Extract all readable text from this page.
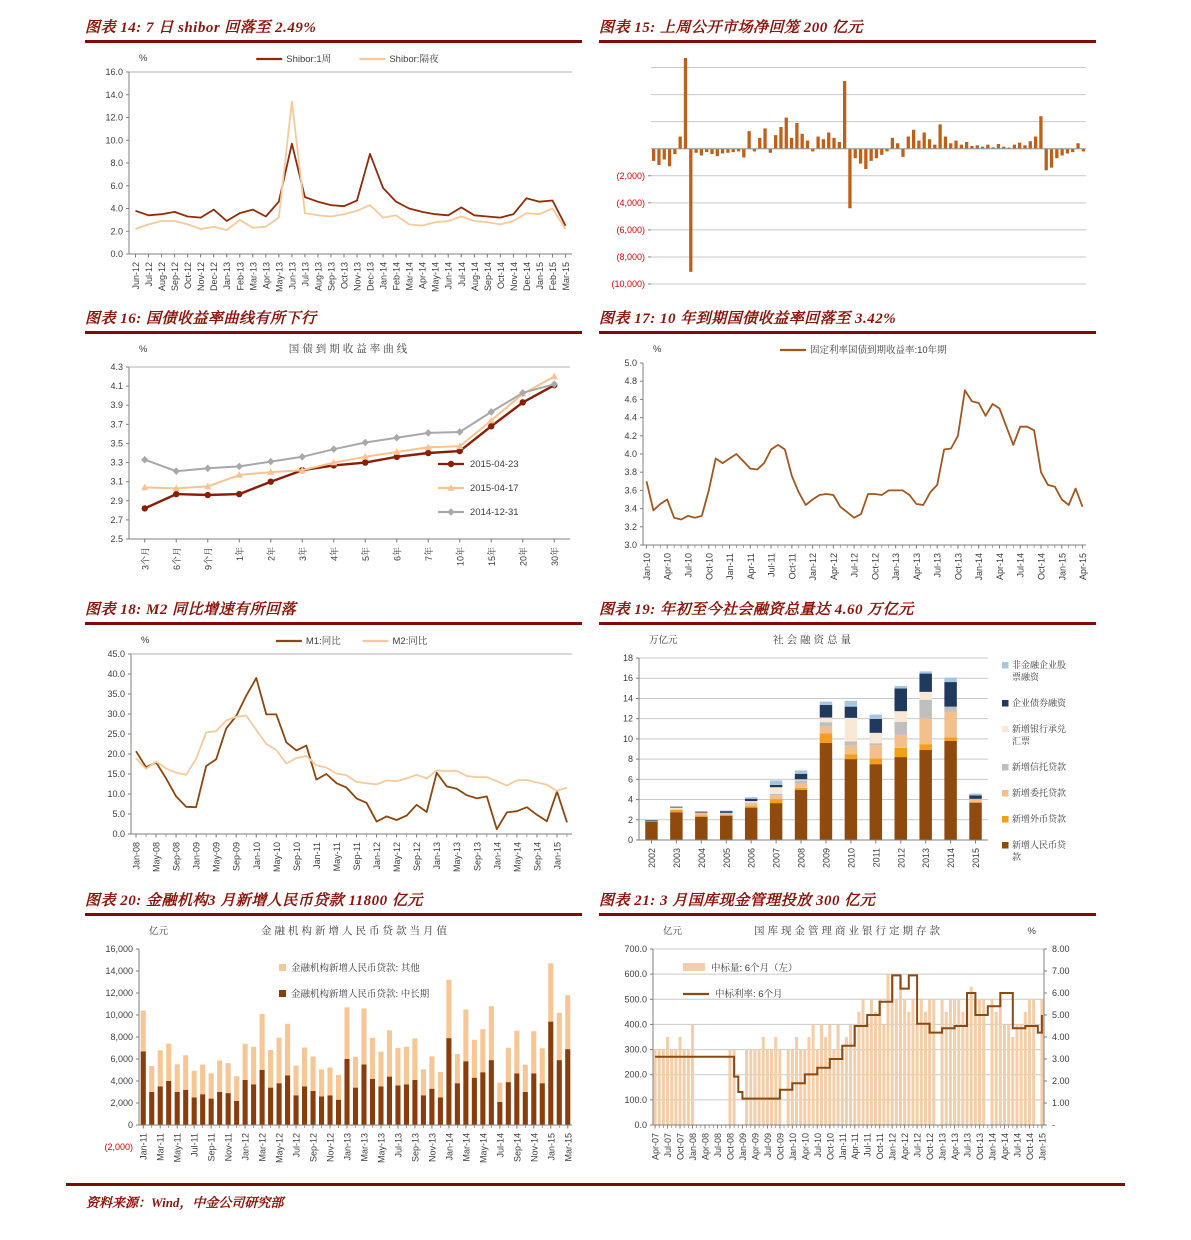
图表 14: 7 日 shibor 回落至 2.49%
0.0
2.0
4.0
6.0
8.0
10.0
12.0
14.0
16.0
Jun-12 Jul-12 Aug-12 Sep-12 Oct-12 Nov-12 Dec-12 Jan-13 Feb-13 Mar-13 Apr-13 May-13 Jun-13 Jul-13 Aug-13 Sep-13 Oct-13 Nov-13 Dec-13 Jan-14 Feb-14 Mar-14 Apr-14 May-14 Jun-14 Jul-14 Aug-14 Sep-14 Oct-14 Nov-14 Dec-14 Jan-15 Feb-15 Mar-15
%	Shibor:1周	Shibor:隔夜
图表 15: 上周公开市场净回笼 200 亿元
(10,000)
(8,000)
(6,000)
(4,000)
(2,000)
图表 16: 国债收益率曲线有所下行
2.5
2.7
2.9
3.1
3.3
3.5
3.7
3.9
4.1
4.3
3个月 6个月 9个月 1年 2年 3年 4年 5年 6年 7年 10年 15年 20年 30年
国债到期收益率曲线
%
2015-04-23
2015-04-17
2014-12-31
图表 17: 10 年到期国债收益率回落至 3.42%
3.0
3.2
3.4
3.6
3.8
4.0
4.2
4.4
4.6
4.8
5.0
Jan-10 Apr-10 Jul-10 Oct-10 Jan-11 Apr-11 Jul-11 Oct-11 Jan-12 Apr-12 Jul-12 Oct-12 Jan-13 Apr-13 Jul-13 Oct-13 Jan-14 Apr-14 Jul-14 Oct-14 Jan-15 Apr-15
%	固定利率国债到期收益率:10年期
图表 18: M2 同比增速有所回落
0.0
5.0
10.0
15.0
20.0
25.0
30.0
35.0
40.0
45.0
Jan-08 May-08 Sep-08 Jan-09 May-09 Sep-09 Jan-10 May-10 Sep-10 Jan-11 May-11 Sep-11 Jan-12 May-12 Sep-12 Jan-13 May-13 Sep-13 Jan-14 May-14 Sep-14 Jan-15
%	M1:同比	M2:同比
图表 19: 年初至今社会融资总量达 4.60 万亿元
0
2
4
6
8
10
12
14
16
18
2002 2003 2004 2005 2006 2007 2008 2009 2010 2011 2012 2013 2014 2015
社会融资总量
万亿元
非金融企业股
票融资
企业债券融资
新增银行承兑
汇票
新增信托贷款
新增委托贷款
新增外币贷款
新增人民币贷
款
图表 20: 金融机构3 月新增人民币贷款 11800 亿元
0
2,000
4,000
6,000
8,000
10,000
12,000
14,000
16,000
(2,000) Jan-11 Mar-11 May-11 Jul-11 Sep-11 Nov-11 Jan-12 Mar-12 May-12 Jul-12 Sep-12 Nov-12 Jan-13 Mar-13 May-13 Jul-13 Sep-13 Nov-13 Jan-14 Mar-14 May-14 Jul-14 Sep-14 Nov-14 Jan-15 Mar-15
金融机构新增人民币贷款当月值
亿元
金融机构新增人民币贷款: 其他
金融机构新增人民币贷款: 中长期
图表 21: 3 月国库现金管理投放 300 亿元
0.0
100.0
200.0
300.0
400.0
500.0
600.0
700.0
-
1.00
2.00
3.00
4.00
5.00
6.00
7.00
8.00
Apr-07 Jul-07 Oct-07 Jan-08 Apr-08 Jul-08 Oct-08 Jan-09 Apr-09 Jul-09 Oct-09 Jan-10 Apr-10 Jul-10 Oct-10 Jan-11 Apr-11 Jul-11 Oct-11 Jan-12 Apr-12 Jul-12 Oct-12 Jan-13 Apr-13 Jul-13 Oct-13 Jan-14 Apr-14 Jul-14 Oct-14 Jan-15
国库现金管理商业银行定期存款
亿元	%
中标量: 6个月（左）
中标利率: 6个月
资料来源：Wind，中金公司研究部
